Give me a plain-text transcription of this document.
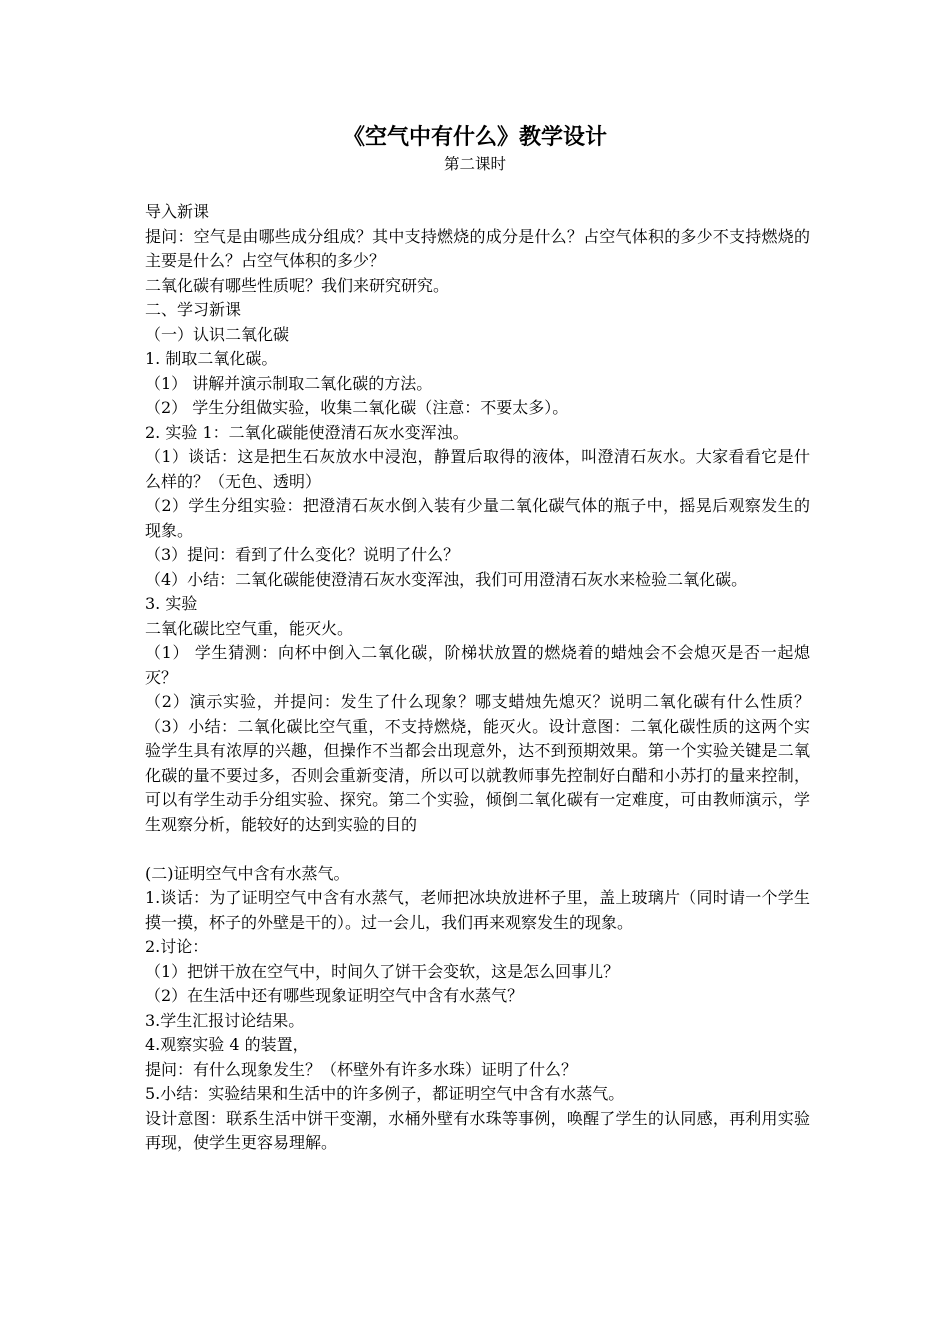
《空气中有什么》教学设计
第二课时

导入新课

提问：空气是由哪些成分组成？其中支持燃烧的成分是什么？占空气体积的多少不支持燃烧的主要是什么？占空气体积的多少？

二氧化碳有哪些性质呢？我们来研究研究。

二、学习新课

（一）认识二氧化碳

1. 制取二氧化碳。

（1） 讲解并演示制取二氧化碳的方法。

（2） 学生分组做实验，收集二氧化碳（注意：不要太多）。

2. 实验 1：二氧化碳能使澄清石灰水变浑浊。

（1）谈话：这是把生石灰放水中浸泡，静置后取得的液体，叫澄清石灰水。大家看看它是什么样的？（无色、透明）

（2）学生分组实验：把澄清石灰水倒入装有少量二氧化碳气体的瓶子中，摇晃后观察发生的现象。

（3）提问：看到了什么变化？说明了什么？

（4）小结：二氧化碳能使澄清石灰水变浑浊，我们可用澄清石灰水来检验二氧化碳。

3. 实验

二氧化碳比空气重，能灭火。

（1） 学生猜测：向杯中倒入二氧化碳，阶梯状放置的燃烧着的蜡烛会不会熄灭是否一起熄灭？

（2）演示实验，并提问：发生了什么现象？哪支蜡烛先熄灭？说明二氧化碳有什么性质？（3）小结：二氧化碳比空气重，不支持燃烧，能灭火。设计意图：二氧化碳性质的这两个实验学生具有浓厚的兴趣，但操作不当都会出现意外，达不到预期效果。第一个实验关键是二氧化碳的量不要过多，否则会重新变清，所以可以就教师事先控制好白醋和小苏打的量来控制，可以有学生动手分组实验、探究。第二个实验，倾倒二氧化碳有一定难度，可由教师演示，学生观察分析，能较好的达到实验的目的

(二)证明空气中含有水蒸气。

1.谈话：为了证明空气中含有水蒸气，老师把冰块放进杯子里，盖上玻璃片（同时请一个学生摸一摸，杯子的外壁是干的）。过一会儿，我们再来观察发生的现象。

2.讨论：

（1）把饼干放在空气中，时间久了饼干会变软，这是怎么回事儿？

（2）在生活中还有哪些现象证明空气中含有水蒸气？

3.学生汇报讨论结果。

4.观察实验 4 的装置，

提问：有什么现象发生？（杯壁外有许多水珠）证明了什么？

5.小结：实验结果和生活中的许多例子，都证明空气中含有水蒸气。

设计意图：联系生活中饼干变潮，水桶外壁有水珠等事例，唤醒了学生的认同感，再利用实验再现，使学生更容易理解。
